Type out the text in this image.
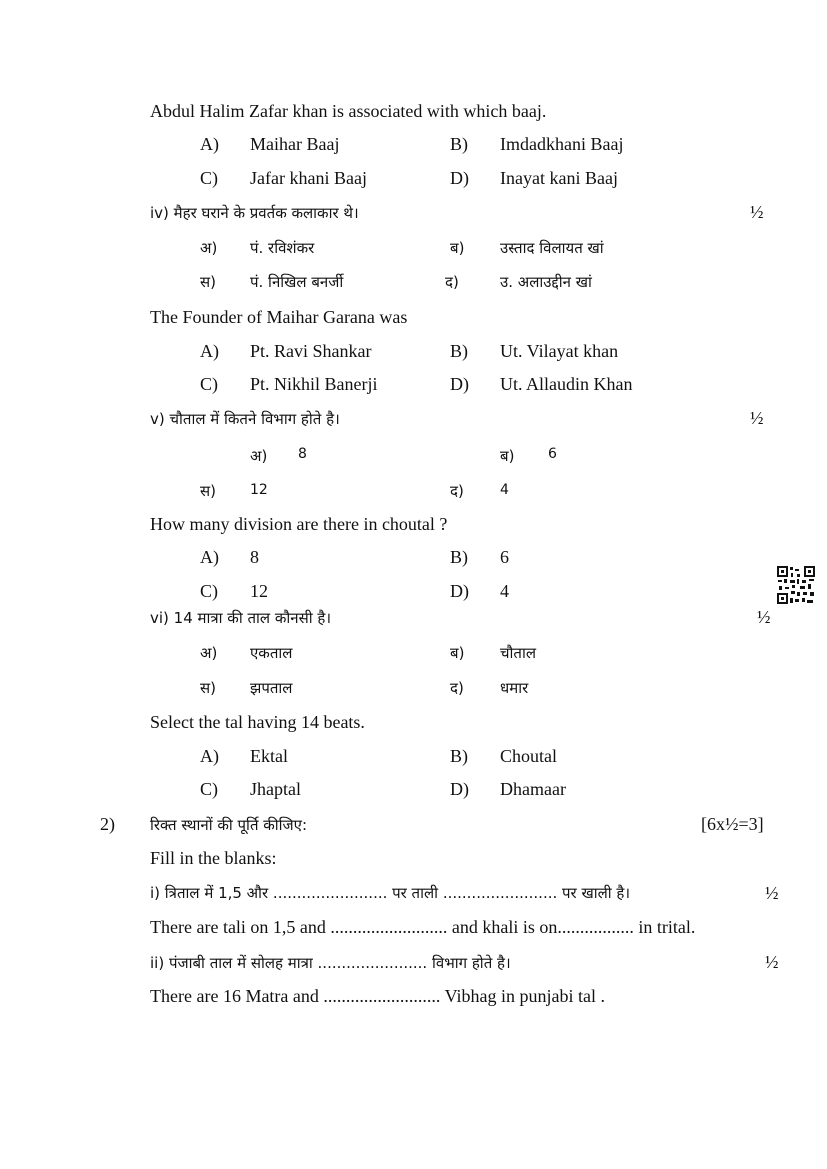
Abdul Halim Zafar khan is associated with which baaj.
A) Maihar Baaj	B) Imdadkhani Baaj
C) Jafar khani Baaj	D) Inayat kani Baaj
iv) मैहर घराने के प्रवर्तक कलाकार थे।	½
अ) पं. रविशंकर	ब) उस्ताद विलायत खां
स) पं. निखिल बनर्जी	द)	उ. अलाउद्दीन खां
The Founder of Maihar Garana was
A) Pt. Ravi Shankar	B) Ut. Vilayat khan
C) Pt. Nikhil Banerji	D) Ut. Allaudin Khan
v) चौताल में कितने विभाग होते है।	½
अ) 8	ब) 6
स) 12	द)	4
How many division are there in choutal ?
A) 8	B) 6
C) 12	D) 4
vi) 14 मात्रा की ताल कौनसी है।	½
अ) एकताल	ब) चौताल
स) झपताल	द) धमार
Select the tal having 14 beats.
A) Ektal	B) Choutal
C) Jhaptal	D) Dhamaar
2) रिक्त स्थानों की पूर्ति कीजिए:	[6x½=3]
Fill in the blanks:
i) त्रिताल में 1,5 और ........................ पर ताली ........................ पर खाली है।	½
There are tali on 1,5 and .......................... and khali is on................. in trital.
ii) पंजाबी ताल में सोलह मात्रा ....................... विभाग होते है।	½
There are 16 Matra and .......................... Vibhag in punjabi tal .
